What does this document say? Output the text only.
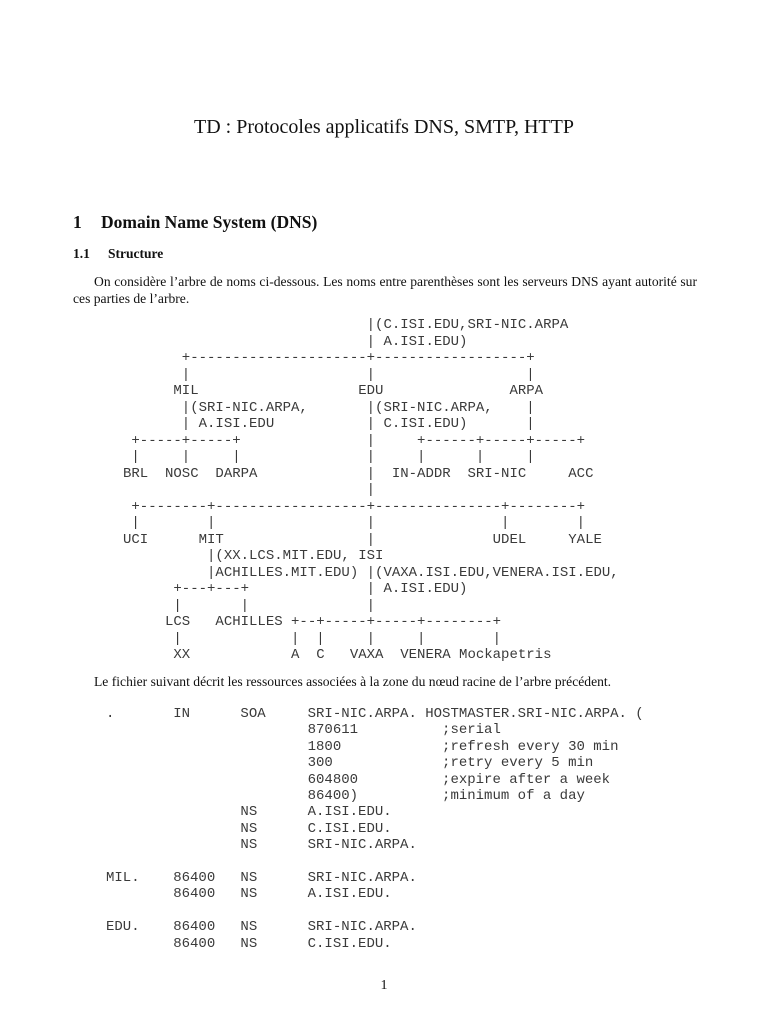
TD : Protocoles applicatifs DNS, SMTP, HTTP
1 Domain Name System (DNS)
1.1 Structure

On considère l’arbre de noms ci-dessous. Les noms entre parenthèses sont les serveurs DNS ayant autorité sur ces parties de l’arbre.

|(C.ISI.EDU,SRI-NIC.ARPA
| A.ISI.EDU)
+---------------------+------------------+
|                     |                  |
MIL                   EDU               ARPA
|(SRI-NIC.ARPA,       |(SRI-NIC.ARPA,    |
| A.ISI.EDU           | C.ISI.EDU)       |
+-----+-----+               |     +------+-----+-----+
|     |     |               |     |      |     |
BRL  NOSC  DARPA             |  IN-ADDR  SRI-NIC     ACC
|
+--------+------------------+---------------+--------+
|        |                  |               |        |
UCI      MIT                 |              UDEL     YALE
|(XX.LCS.MIT.EDU, ISI
|ACHILLES.MIT.EDU) |(VAXA.ISI.EDU,VENERA.ISI.EDU,
+---+---+              | A.ISI.EDU)
|       |              |
LCS   ACHILLES +--+-----+-----+--------+
|             |  |     |     |        |
XX            A  C   VAXA  VENERA Mockapetris

Le fichier suivant décrit les ressources associées à la zone du nœud racine de l’arbre précédent.

.       IN      SOA     SRI-NIC.ARPA. HOSTMASTER.SRI-NIC.ARPA. (
870611          ;serial
1800            ;refresh every 30 min
300             ;retry every 5 min
604800          ;expire after a week
86400)          ;minimum of a day
NS      A.ISI.EDU.
NS      C.ISI.EDU.
NS      SRI-NIC.ARPA.
MIL.    86400   NS      SRI-NIC.ARPA.
86400   NS      A.ISI.EDU.
EDU.    86400   NS      SRI-NIC.ARPA.
86400   NS      C.ISI.EDU.
1
